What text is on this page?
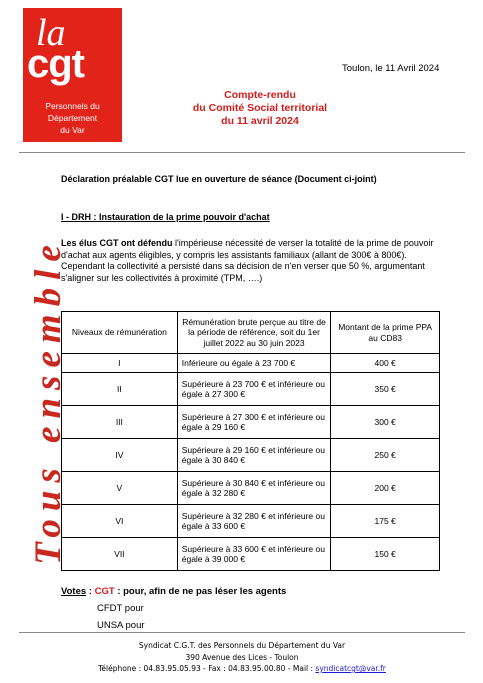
la
cgt
Personnels du
Département
du Var
Toulon, le 11 Avril 2024
Compte-rendu
du Comité Social territorial
du 11 avril 2024
Tous ensemble
Déclaration préalable CGT lue en ouverture de séance (Document ci-joint)
I - DRH : Instauration de la prime pouvoir d'achat
Les élus CGT ont défendu l'impérieuse nécessité de verser la totalité de la prime de pouvoir d'achat aux agents éligibles, y compris les assistants familiaux (allant de 300€ à 800€).
Cependant la collectivité a persisté dans sa décision de n'en verser que 50 %, argumentant s'aligner sur les collectivités à proximité (TPM, ….)
Niveaux de rémunération	Rémunération brute perçue au titre de la période de référence, soit du 1er juillet 2022 au 30 juin 2023	Montant de la prime PPA au CD83
I	Inférieure ou égale à 23 700 €	400 €
II	Supérieure à 23 700 € et inférieure ou égale à 27 300 €	350 €
III	Supérieure à 27 300 € et inférieure ou égale à 29 160 €	300 €
IV	Supérieure à 29 160 € et inférieure ou égale à 30 840 €	250 €
V	Supérieure à 30 840 € et inférieure ou égale à 32 280 €	200 €
VI	Supérieure à 32 280 € et inférieure ou égale à 33 600 €	175 €
VII	Supérieure à 33 600 € et inférieure ou égale à 39 000 €	150 €
Votes : CGT : pour, afin de ne pas léser les agents
CFDT pour
UNSA pour
Syndicat C.G.T. des Personnels du Département du Var
390 Avenue des Lices - Toulon
Téléphone : 04.83.95.05.93 - Fax : 04.83.95.00.80 - Mail : syndicatcgt@var.fr
